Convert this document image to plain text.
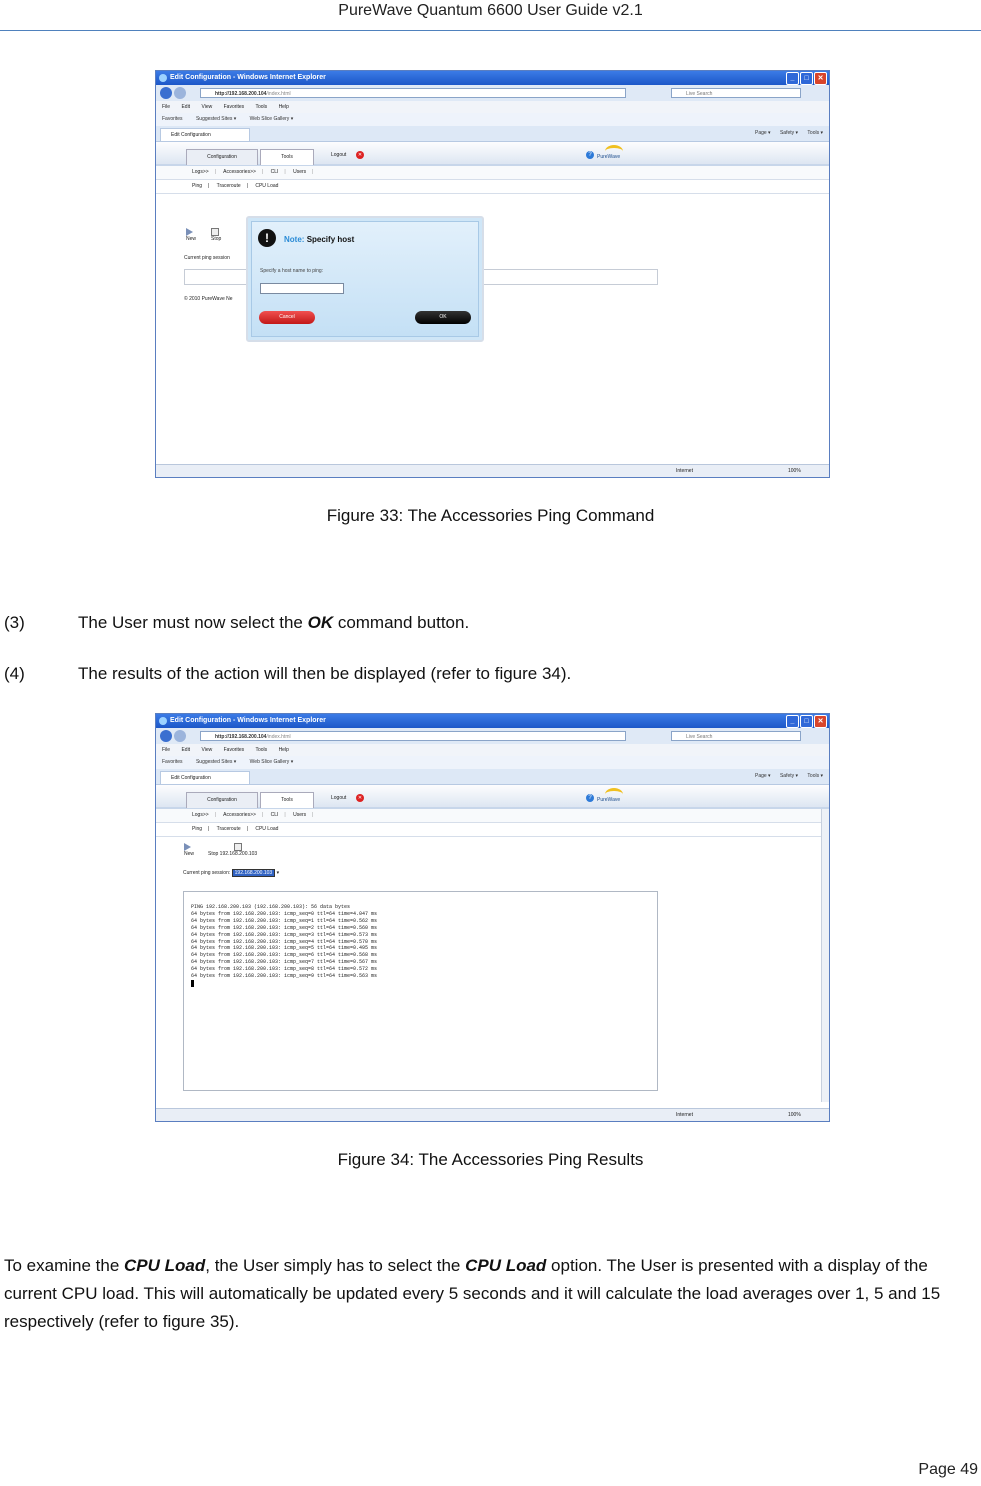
PureWave Quantum 6600 User Guide v2.1
Edit Configuration - Windows Internet Explorer	_ □ ✕
http://192.168.200.104/index.html	Live Search
File Edit View Favorites Tools Help
Favorites	Suggested Sites ▾	Web Slice Gallery ▾
Edit Configuration	Page ▾ Safety ▾ Tools ▾
Configuration	Tools	Logout	✕	?	PureWave
Logs>> | Accessories>> | CLI | Users |
Ping | Traceroute | CPU Load
New	Stop
Current ping session
© 2010 PureWave Ne
!	Note: Specify host
Specify a host name to ping:
Cancel	OK
Internet	100%
Figure 33: The Accessories Ping Command
(3)	The User must now select the OK command button.
(4)	The results of the action will then be displayed (refer to figure 34).
Edit Configuration - Windows Internet Explorer	_ □ ✕
http://192.168.200.104/index.html	Live Search
File Edit View Favorites Tools Help
Favorites	Suggested Sites ▾	Web Slice Gallery ▾
Edit Configuration	Page ▾ Safety ▾ Tools ▾
Configuration	Tools	Logout	✕	?	PureWave
Logs>> | Accessories>> | CLI | Users |
Ping | Traceroute | CPU Load
New	Stop 192.168.200.103
Current ping session: 192.168.200.103 ▾
PING 192.168.200.103 (192.168.200.103): 56 data bytes
64 bytes from 192.168.200.103: icmp_seq=0 ttl=64 time=4.047 ms
64 bytes from 192.168.200.103: icmp_seq=1 ttl=64 time=0.562 ms
64 bytes from 192.168.200.103: icmp_seq=2 ttl=64 time=0.560 ms
64 bytes from 192.168.200.103: icmp_seq=3 ttl=64 time=0.573 ms
64 bytes from 192.168.200.103: icmp_seq=4 ttl=64 time=0.570 ms
64 bytes from 192.168.200.103: icmp_seq=5 ttl=64 time=0.495 ms
64 bytes from 192.168.200.103: icmp_seq=6 ttl=64 time=0.568 ms
64 bytes from 192.168.200.103: icmp_seq=7 ttl=64 time=0.567 ms
64 bytes from 192.168.200.103: icmp_seq=8 ttl=64 time=0.572 ms
64 bytes from 192.168.200.103: icmp_seq=9 ttl=64 time=0.563 ms
Internet	100%
Figure 34: The Accessories Ping Results
To examine the CPU Load, the User simply has to select the CPU Load option. The User is presented with a display of the current CPU load. This will automatically be updated every 5 seconds and it will calculate the load averages over 1, 5 and 15 respectively (refer to figure 35).
Page 49
